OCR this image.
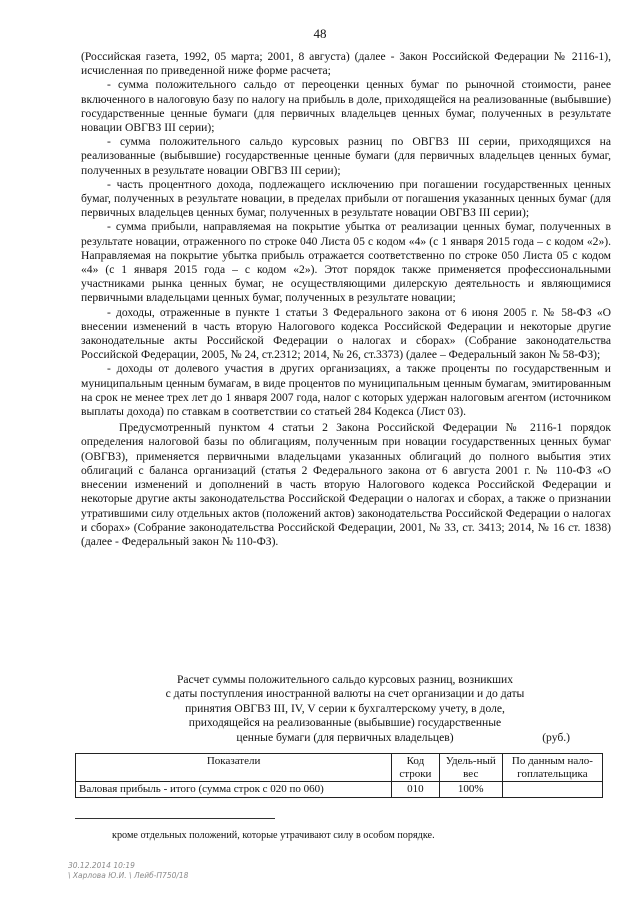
48

(Российская газета, 1992, 05 марта; 2001, 8 августа) (далее - Закон Российской Федерации № 2116-1), исчисленная по приведенной ниже форме расчета;

- сумма положительного сальдо от переоценки ценных бумаг по рыночной стоимости, ранее включенного в налоговую базу по налогу на прибыль в доле, приходящейся на реализованные (выбывшие) государственные ценные бумаги (для первичных владельцев ценных бумаг, полученных в результате новации ОВГВЗ III серии);

- сумма положительного сальдо курсовых разниц по ОВГВЗ III серии, приходящихся на реализованные (выбывшие) государственные ценные бумаги (для первичных владельцев ценных бумаг, полученных в результате новации ОВГВЗ III серии);

- часть процентного дохода, подлежащего исключению при погашении государственных ценных бумаг, полученных в результате новации, в пределах прибыли от погашения указанных ценных бумаг (для первичных владельцев ценных бумаг, полученных в результате новации ОВГВЗ III серии);

- сумма прибыли, направляемая на покрытие убытка от реализации ценных бумаг, полученных в результате новации, отраженного по строке 040 Листа 05 с кодом «4» (с 1 января 2015 года – с кодом «2»). Направляемая на покрытие убытка прибыль отражается соответственно по строке 050 Листа 05 с кодом «4» (с 1 января 2015 года – с кодом «2»). Этот порядок также применяется профессиональными участниками рынка ценных бумаг, не осуществляющими дилерскую деятельность и являющимися первичными владельцами ценных бумаг, полученных в результате новации;

- доходы, отраженные в пункте 1 статьи 3 Федерального закона от 6 июня 2005 г. № 58-ФЗ «О внесении изменений в часть вторую Налогового кодекса Российской Федерации и некоторые другие законодательные акты Российской Федерации о налогах и сборах» (Собрание законодательства Российской Федерации, 2005, № 24, ст.2312; 2014, № 26, ст.3373) (далее – Федеральный закон № 58-ФЗ);

- доходы от долевого участия в других организациях, а также проценты по государственным и муниципальным ценным бумагам, в виде процентов по муниципальным ценным бумагам, эмитированным на срок не менее трех лет до 1 января 2007 года, налог с которых удержан налоговым агентом (источником выплаты дохода) по ставкам в соответствии со статьей 284 Кодекса (Лист 03).

Предусмотренный пунктом 4 статьи 2 Закона Российской Федерации № 2116-1 порядок определения налоговой базы по облигациям, полученным при новации государственных ценных бумаг (ОВГВЗ), применяется первичными владельцами указанных облигаций до полного выбытия этих облигаций с баланса организаций (статья 2 Федерального закона от 6 августа 2001 г. № 110-ФЗ «О внесении изменений и дополнений в часть вторую Налогового кодекса Российской Федерации и некоторые другие акты законодательства Российской Федерации о налогах и сборах, а также о признании утратившими силу отдельных актов (положений актов) законодательства Российской Федерации о налогах и сборах» (Собрание законодательства Российской Федерации, 2001, № 33, ст. 3413; 2014, № 16 ст. 1838) (далее - Федеральный закон № 110-ФЗ).

Расчет суммы положительного сальдо курсовых разниц, возникших
с даты поступления иностранной валюты на счет организации и до даты
принятия ОВГВЗ III, IV, V серии к бухгалтерскому учету, в доле,
приходящейся на реализованные (выбывшие) государственные
ценные бумаги (для первичных владельцев)	(руб.)
Показатели	Код строки	Удель-ный вес	По данным нало-гоплательщика
Валовая прибыль - итого (сумма строк с 020 по 060)	010	100%	
кроме отдельных положений, которые утрачивают силу в особом порядке.
30.12.2014 10:19
\ Харлова Ю.И. \ Лейб-П750/18
